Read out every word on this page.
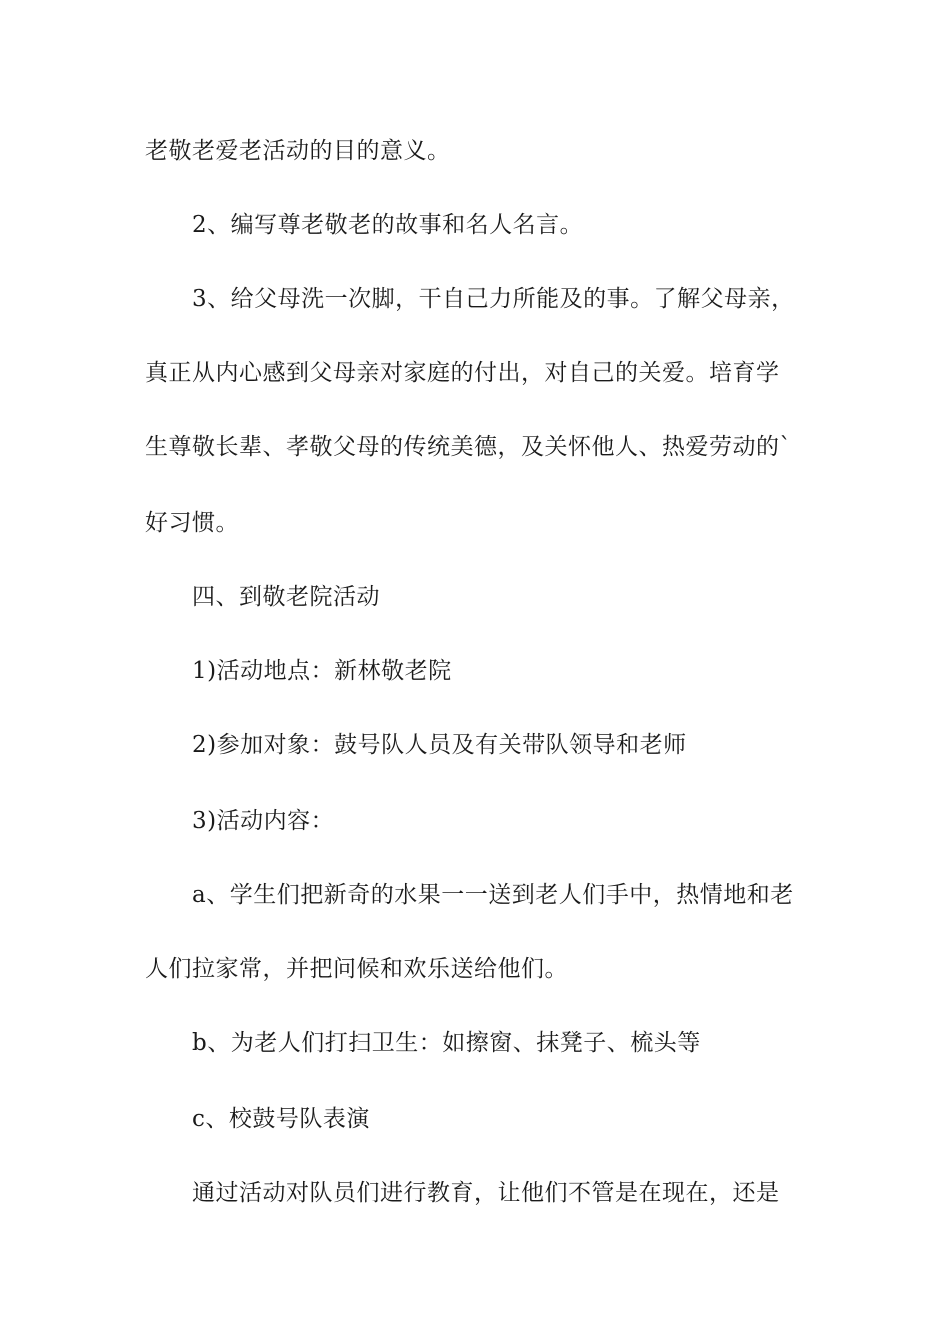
老敬老爱老活动的目的意义。
2、编写尊老敬老的故事和名人名言。
3、给父母洗一次脚，干自己力所能及的事。了解父母亲，
真正从内心感到父母亲对家庭的付出，对自己的关爱。培育学
生尊敬长辈、孝敬父母的传统美德，及关怀他人、热爱劳动的`
好习惯。
四、到敬老院活动
1)活动地点：新林敬老院
2)参加对象：鼓号队人员及有关带队领导和老师
3)活动内容：
a、学生们把新奇的水果一一送到老人们手中，热情地和老
人们拉家常，并把问候和欢乐送给他们。
b、为老人们打扫卫生：如擦窗、抹凳子、梳头等
c、校鼓号队表演
通过活动对队员们进行教育，让他们不管是在现在，还是
